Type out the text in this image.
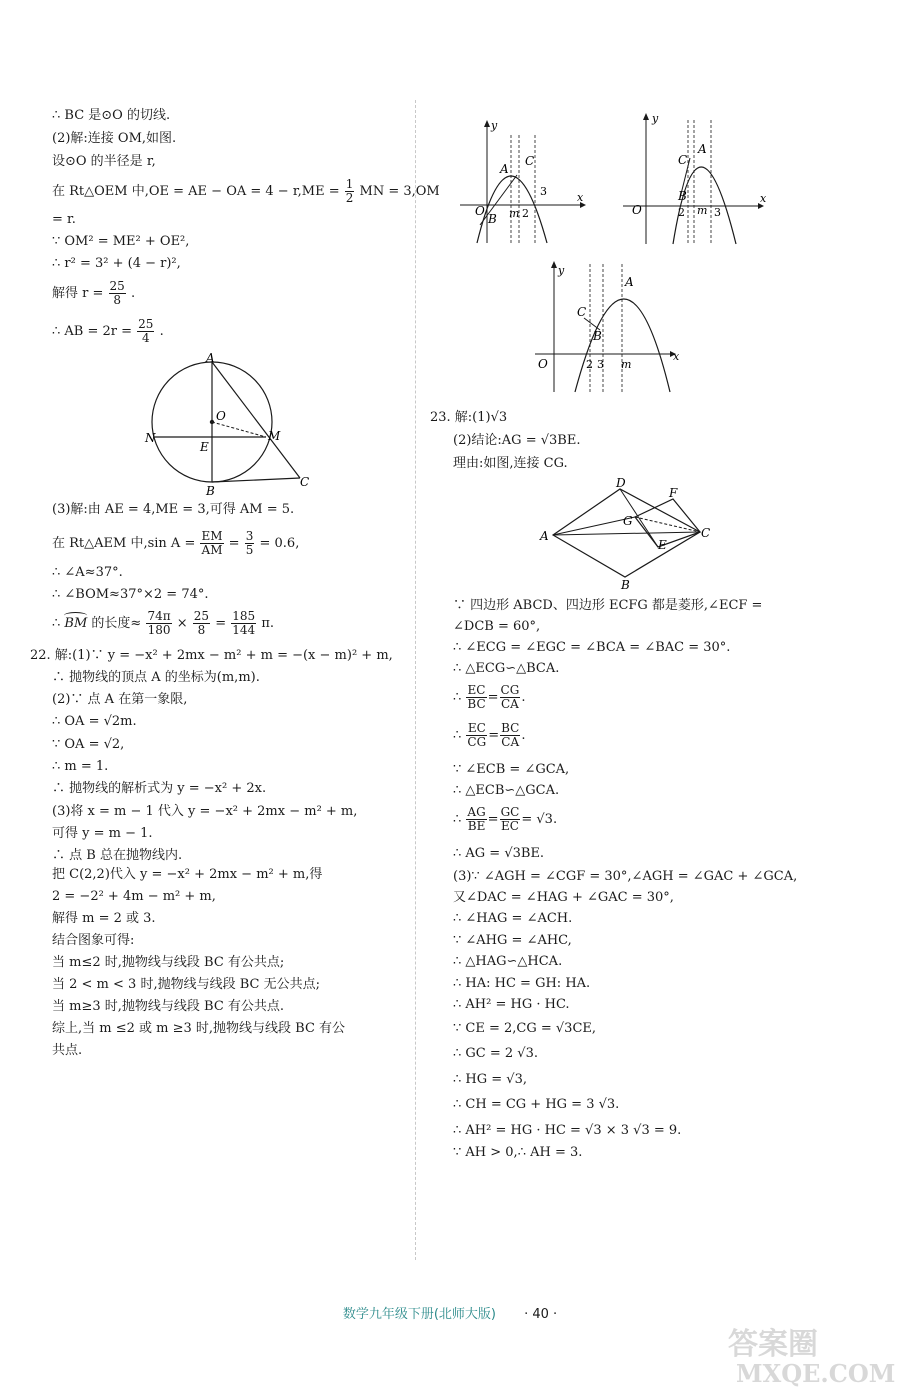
∴ BC 是⊙O 的切线.
(2)解:连接 OM,如图.
设⊙O 的半径是 r,
在 Rt△OEM 中,OE = AE − OA = $4 - r,ME = \frac{1}{2}$ MN = 3,OM
= r.
∵ OM² = ME² + OE²,
∴ r² = 3² + (4 − r)²,
解得 $r = \frac{25}{8}$ .
∴ AB = $2r = \frac{25}{4}$ .
A
O
N
E
M
B
C
(3)解:由 AE = 4,ME = 3,可得 AM = 5.
在 Rt△AEM 中,sin $A = \frac{EM}{AM} = \frac{3}{5} = 0.6$,
∴ ∠A≈37°.
∴ ∠BOM≈37°×2 = 74°.
∴
BM 的长度≈ $\frac{74\pi}{180} \times \frac{25}{8} = \frac{185}{144} \pi$.
22. 解:(1)∵ y = −x² + 2mx − m² + m = −(x − m)² + m,
∴ 抛物线的顶点 A 的坐标为(m,m).
(2)∵ 点 A 在第一象限,
∴ OA = √2m.
∵ OA = √2,
∴ m = 1.
∴ 抛物线的解析式为 y = −x² + 2x.
(3)将 x = m − 1 代入 y = −x² + 2mx − m² + m,
可得 y = m − 1.
∴ 点 B 总在抛物线内.
把 C(2,2)代入 y = −x² + 2mx − m² + m,得
2 = −2² + 4m − m² + m,
解得 m = 2 或 3.
结合图象可得:
当 m≤2 时,抛物线与线段 BC 有公共点;
当 2 < m < 3 时,抛物线与线段 BC 无公共点;
当 m≥3 时,抛物线与线段 BC 有公共点.
综上,当 m ≤2 或 m ≥3 时,抛物线与线段 BC 有公
共点.
y
x
O
A
B
C
m 2
3
y
x
O
A
B
C
m
2	3
y
x
O
A
B
C
2 3 m
23. 解:(1)√3
(2)结论:AG = √3BE.
理由:如图,连接 CG.
D
F
G
A	C
E
B
∵ 四边形 ABCD、四边形 ECFG 都是菱形,∠ECF =
∠DCB = 60°,
∴ ∠ECG = ∠EGC = ∠BCA = ∠BAC = 30°.
∴ △ECG∽△BCA.
∴ $\frac{EC}{BC} = \frac{CG}{CA}$ .
∴ $\frac{EC}{CG} = \frac{BC}{CA}$ .
∵ ∠ECB = ∠GCA,
∴ △ECB∽△GCA.
∴ $\frac{AG}{BE} = \frac{GC}{EC} = √3$.
∴ AG = √3BE.
(3)∵ ∠AGH = ∠CGF = 30°,∠AGH = ∠GAC + ∠GCA,
又∠DAC = ∠HAG + ∠GAC = 30°,
∴ ∠HAG = ∠ACH.
∵ ∠AHG = ∠AHC,
∴ △HAG∽△HCA.
∴ HA: HC = GH: HA.
∴ AH² = HG · HC.
∵ CE = 2,CG = √3CE,
∴ GC = 2 √3.
∴ HG = √3,
∴ CH = CG + HG = 3 √3.
∴ AH² = HG · HC = √3 × 3 √3 = 9.
∵ AH > 0,∴ AH = 3.
数学九年级下册(北师大版) · 40 ·
答案圈
MXQE.COM
